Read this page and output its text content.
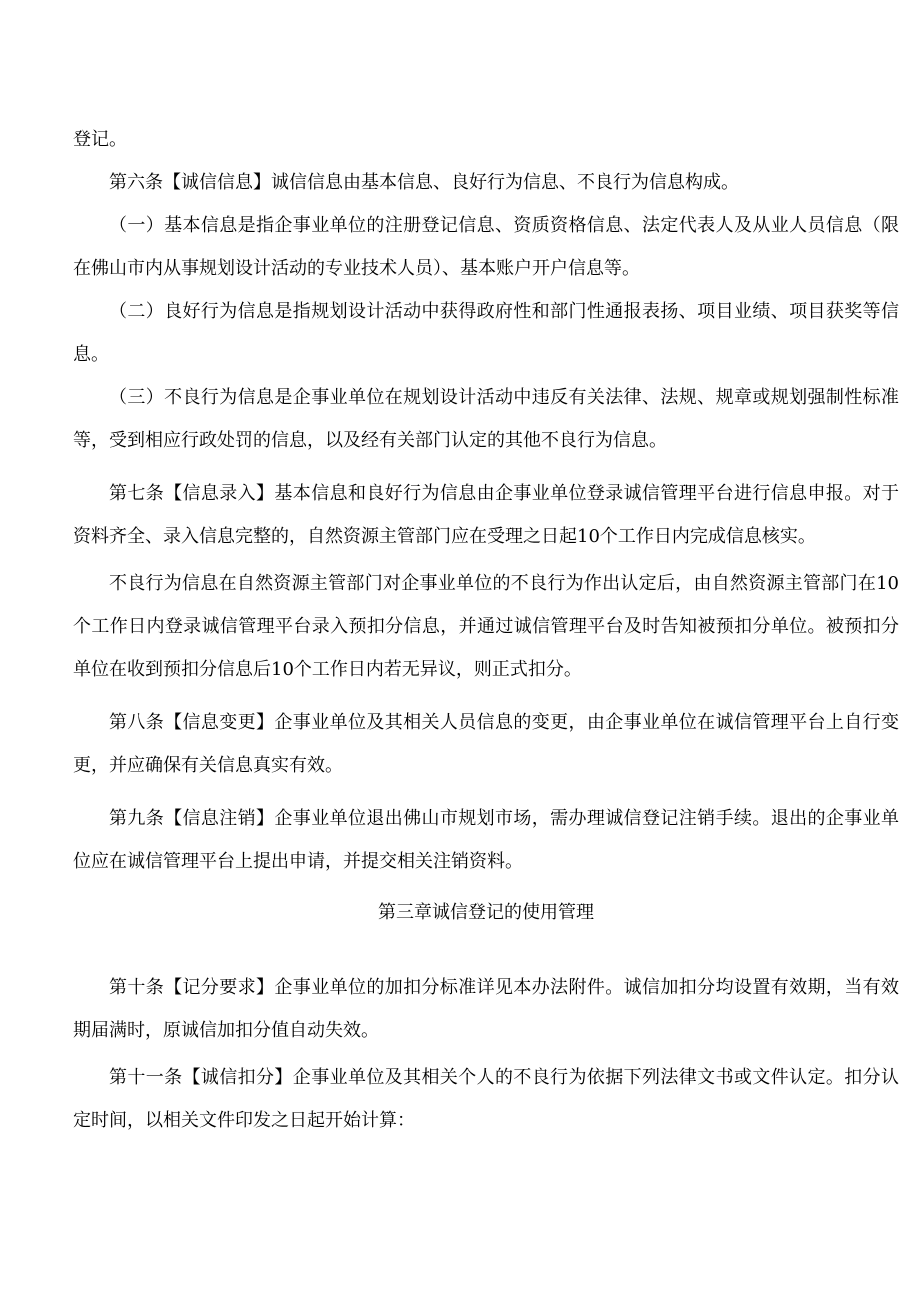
登记。

第六条【诚信信息】诚信信息由基本信息、良好行为信息、不良行为信息构成。

（一）基本信息是指企事业单位的注册登记信息、资质资格信息、法定代表人及从业人员信息（限在佛山市内从事规划设计活动的专业技术人员）、基本账户开户信息等。

（二）良好行为信息是指规划设计活动中获得政府性和部门性通报表扬、项目业绩、项目获奖等信息。

（三）不良行为信息是企事业单位在规划设计活动中违反有关法律、法规、规章或规划强制性标准等，受到相应行政处罚的信息，以及经有关部门认定的其他不良行为信息。

第七条【信息录入】基本信息和良好行为信息由企事业单位登录诚信管理平台进行信息申报。对于资料齐全、录入信息完整的，自然资源主管部门应在受理之日起10个工作日内完成信息核实。

不良行为信息在自然资源主管部门对企事业单位的不良行为作出认定后，由自然资源主管部门在10个工作日内登录诚信管理平台录入预扣分信息，并通过诚信管理平台及时告知被预扣分单位。被预扣分单位在收到预扣分信息后10个工作日内若无异议，则正式扣分。

第八条【信息变更】企事业单位及其相关人员信息的变更，由企事业单位在诚信管理平台上自行变更，并应确保有关信息真实有效。

第九条【信息注销】企事业单位退出佛山市规划市场，需办理诚信登记注销手续。退出的企事业单位应在诚信管理平台上提出申请，并提交相关注销资料。

第三章诚信登记的使用管理

第十条【记分要求】企事业单位的加扣分标准详见本办法附件。诚信加扣分均设置有效期，当有效期届满时，原诚信加扣分值自动失效。

第十一条【诚信扣分】企事业单位及其相关个人的不良行为依据下列法律文书或文件认定。扣分认定时间，以相关文件印发之日起开始计算：
